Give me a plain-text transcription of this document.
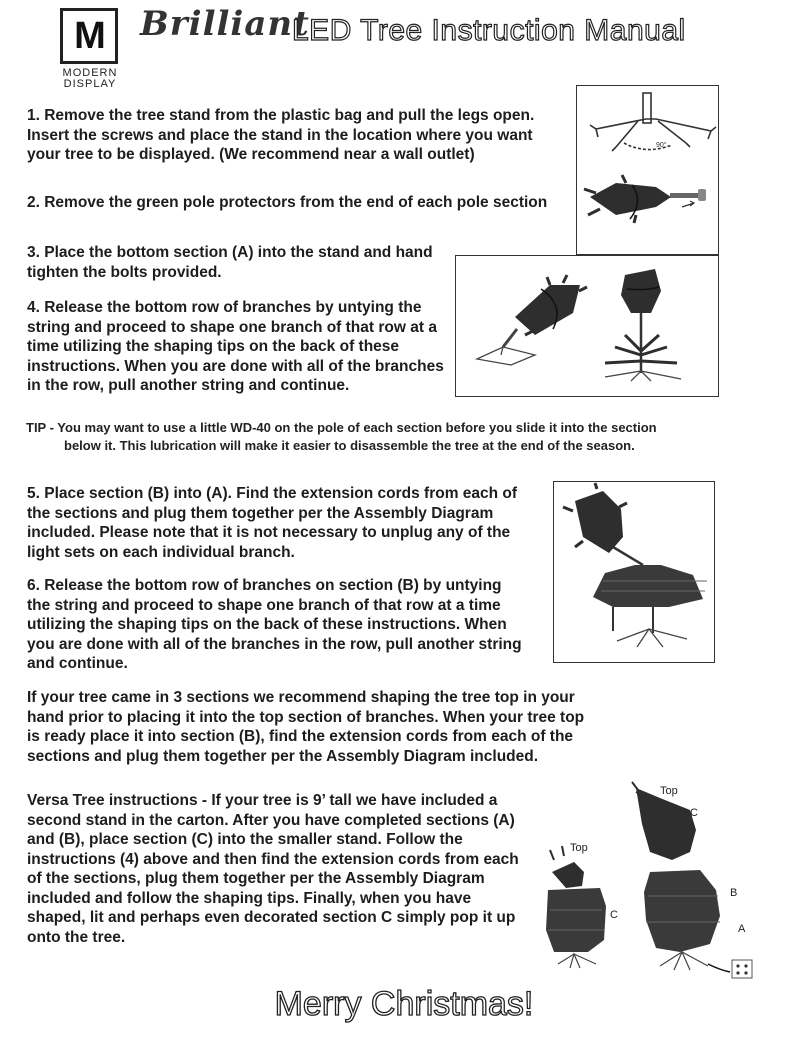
M
MODERN
DISPLAY
Brilliant
LED Tree Instruction Manual
1. Remove the tree stand from the plastic bag and pull the legs open.
Insert the screws and place the stand in the location where you want
your tree to be displayed. (We recommend near a wall outlet)
2. Remove the green pole protectors from the end of each pole section
3. Place the bottom section (A) into the stand and hand
tighten the bolts provided.
4. Release the bottom row of branches by untying the
string and proceed to shape one branch of that row at a
time utilizing the shaping tips on the back of these
instructions. When you are done with all of the branches
in the row, pull another string and continue.
TIP - You may want to use a little WD-40 on the pole of each section before you slide it into the section
below it. This lubrication will make it easier to disassemble the tree at the end of the season.
5. Place section (B) into (A). Find the extension cords from each of
the sections and plug them together per the Assembly Diagram
included. Please note that it is not necessary to unplug any of the
light sets on each individual branch.
6. Release the bottom row of branches on section (B) by untying
the string and proceed to shape one branch of that row at a time
utilizing the shaping tips on the back of these instructions. When
you are done with all of the branches in the row, pull another string
and continue.
If your tree came in 3 sections we recommend shaping the tree top in your
hand prior to placing it into the top section of branches. When your tree top
is ready place it into section (B), find the extension cords from each of the
sections and plug them together per the Assembly Diagram included.
Versa Tree instructions - If your tree is 9’ tall we have included a
second stand in the carton. After you have completed sections (A)
and (B), place section (C) into the smaller stand. Follow the
instructions (4) above and then find the extension cords from each
of the sections, plug them together per the Assembly Diagram
included and follow the shaping tips. Finally, when you have
shaped, lit and perhaps even decorated section C simply pop it up
onto the tree.
90°
Top
C
Top
C
B
A
Merry Christmas!
